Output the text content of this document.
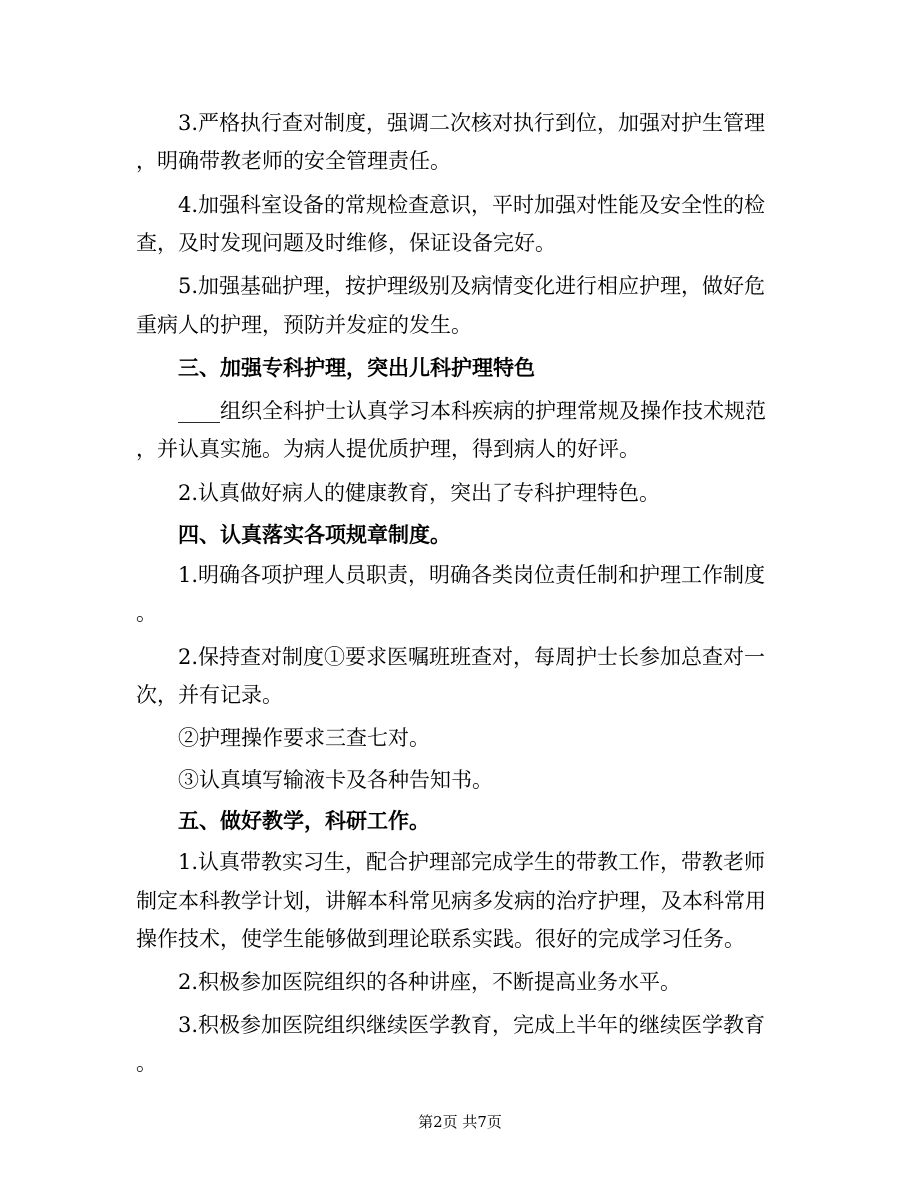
3.严格执行查对制度，强调二次核对执行到位，加强对护生管理
，明确带教老师的安全管理责任。
4.加强科室设备的常规检查意识，平时加强对性能及安全性的检
查，及时发现问题及时维修，保证设备完好。
5.加强基础护理，按护理级别及病情变化进行相应护理，做好危
重病人的护理，预防并发症的发生。
三、加强专科护理，突出儿科护理特色
____组织全科护士认真学习本科疾病的护理常规及操作技术规范
，并认真实施。为病人提优质护理，得到病人的好评。
2.认真做好病人的健康教育，突出了专科护理特色。
四、认真落实各项规章制度。
1.明确各项护理人员职责，明确各类岗位责任制和护理工作制度
。
2.保持查对制度①要求医嘱班班查对，每周护士长参加总查对一
次，并有记录。
②护理操作要求三查七对。
③认真填写输液卡及各种告知书。
五、做好教学，科研工作。
1.认真带教实习生，配合护理部完成学生的带教工作，带教老师
制定本科教学计划，讲解本科常见病多发病的治疗护理，及本科常用
操作技术，使学生能够做到理论联系实践。很好的完成学习任务。
2.积极参加医院组织的各种讲座，不断提高业务水平。
3.积极参加医院组织继续医学教育，完成上半年的继续医学教育
。
第2页 共7页
